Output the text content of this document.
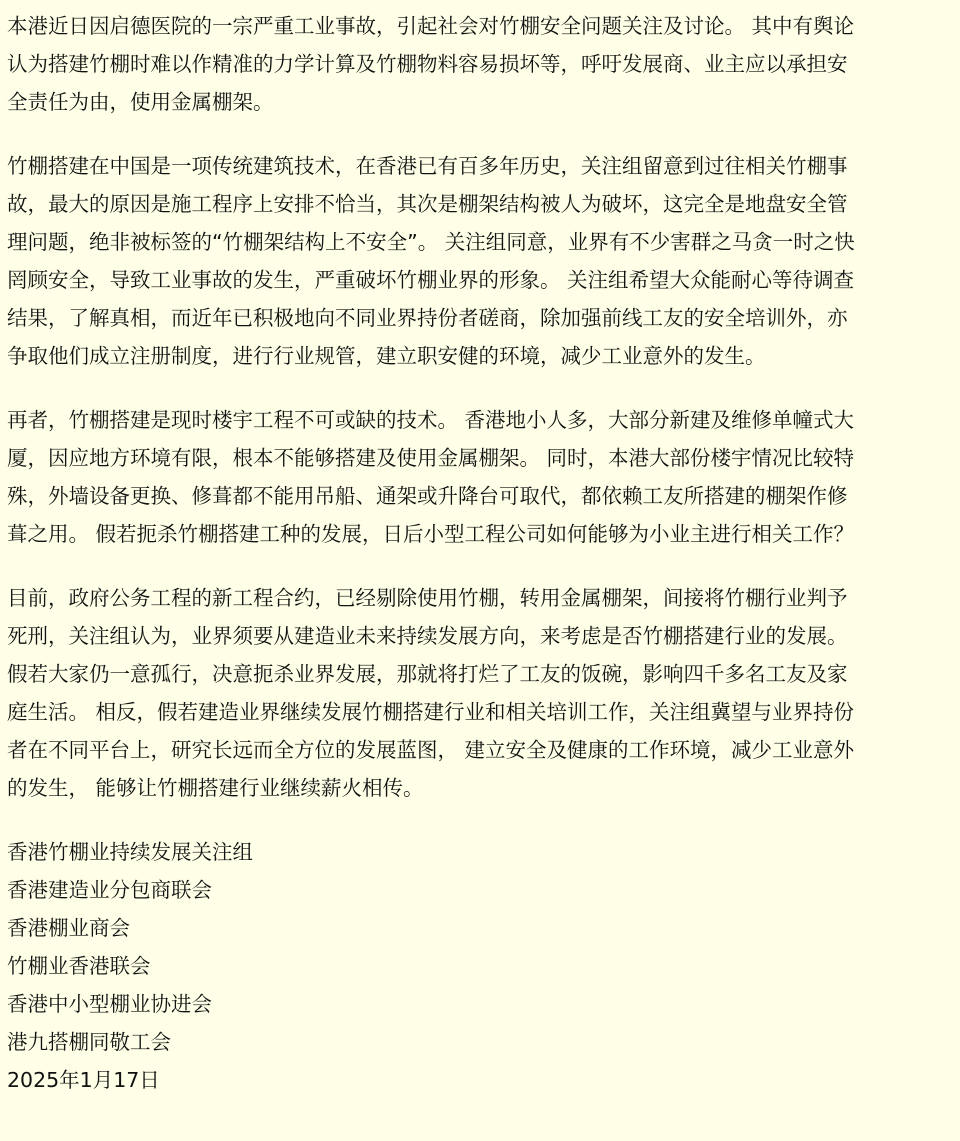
本港近日因启德医院的一宗严重工业事故，引起社会对竹棚安全问题关注及讨论。 其中有舆论
认为搭建竹棚时难以作精准的力学计算及竹棚物料容易损坏等，呼吁发展商、业主应以承担安
全责任为由，使用金属棚架。
竹棚搭建在中国是一项传统建筑技术，在香港已有百多年历史，关注组留意到过往相关竹棚事
故，最大的原因是施工程序上安排不恰当，其次是棚架结构被人为破坏，这完全是地盘安全管
理问题，绝非被标签的“竹棚架结构上不安全”。 关注组同意，业界有不少害群之马贪一时之快
罔顾安全，导致工业事故的发生，严重破坏竹棚业界的形象。 关注组希望大众能耐心等待调查
结果，了解真相，而近年已积极地向不同业界持份者磋商，除加强前线工友的安全培训外，亦
争取他们成立注册制度，进行行业规管，建立职安健的环境，减少工业意外的发生。
再者，竹棚搭建是现时楼宇工程不可或缺的技术。 香港地小人多，大部分新建及维修单幢式大
厦，因应地方环境有限，根本不能够搭建及使用金属棚架。 同时，本港大部份楼宇情况比较特
殊，外墙设备更换、修葺都不能用吊船、通架或升降台可取代，都依赖工友所搭建的棚架作修
葺之用。 假若扼杀竹棚搭建工种的发展，日后小型工程公司如何能够为小业主进行相关工作？
目前，政府公务工程的新工程合约，已经剔除使用竹棚，转用金属棚架，间接将竹棚行业判予
死刑，关注组认为，业界须要从建造业未来持续发展方向，来考虑是否竹棚搭建行业的发展。
假若大家仍一意孤行，决意扼杀业界发展，那就将打烂了工友的饭碗，影响四千多名工友及家
庭生活。 相反，假若建造业界继续发展竹棚搭建行业和相关培训工作，关注组冀望与业界持份
者在不同平台上，研究长远而全方位的发展蓝图， 建立安全及健康的工作环境，减少工业意外
的发生， 能够让竹棚搭建行业继续薪火相传。
香港竹棚业持续发展关注组
香港建造业分包商联会
香港棚业商会
竹棚业香港联会
香港中小型棚业协进会
港九搭棚同敬工会
2025年1月17日
